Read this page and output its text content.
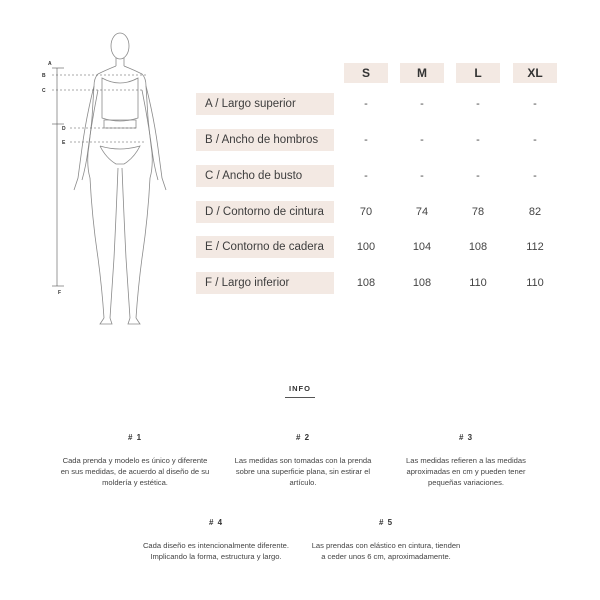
A
B
C
D
E
F
S	M	L	XL
A / Largo superior	-	-	-	-
B / Ancho de hombros	-	-	-	-
C / Ancho de busto	-	-	-	-
D / Contorno de cintura	70	74	78	82
E / Contorno de cadera	100	104	108	112
F / Largo inferior	108	108	110	110
INFO
# 1
Cada prenda y modelo es único y diferente en sus medidas, de acuerdo al diseño de su moldería y estética.
# 2
Las medidas son tomadas con la prenda sobre una superficie plana, sin estirar el artículo.
# 3
Las medidas refieren a las medidas aproximadas en cm y pueden tener pequeñas variaciones.
# 4
Cada diseño es intencionalmente diferente. Implicando la forma, estructura y largo.
# 5
Las prendas con elástico en cintura, tienden a ceder unos 6 cm, aproximadamente.
